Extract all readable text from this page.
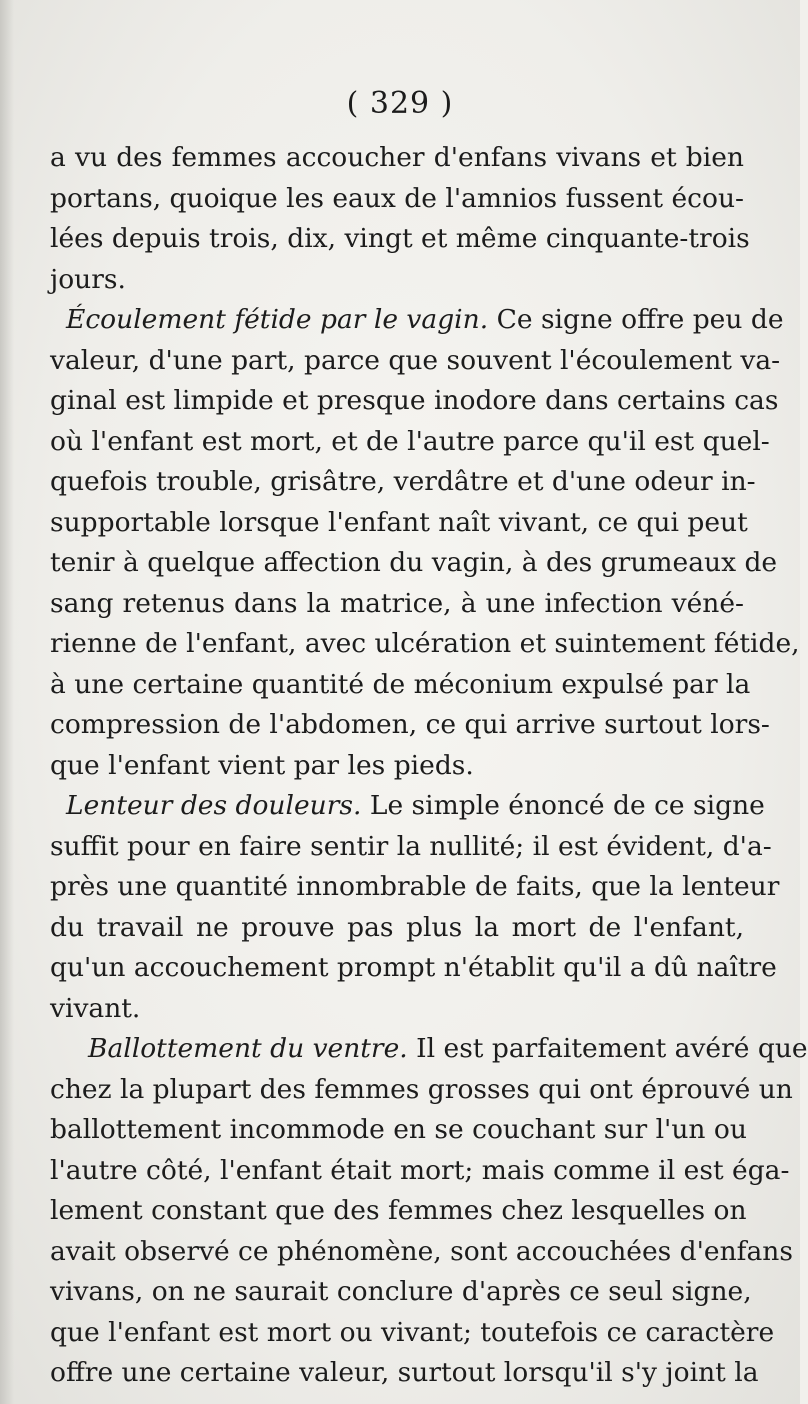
( 329 )
a vu des femmes accoucher d'enfans vivans et bien
portans, quoique les eaux de l'amnios fussent écou-
lées depuis trois, dix, vingt et même cinquante-trois
jours.
Écoulement fétide par le vagin. Ce signe offre peu de
valeur, d'une part, parce que souvent l'écoulement va-
ginal est limpide et presque inodore dans certains cas
où l'enfant est mort, et de l'autre parce qu'il est quel-
quefois trouble, grisâtre, verdâtre et d'une odeur in-
supportable lorsque l'enfant naît vivant, ce qui peut
tenir à quelque affection du vagin, à des grumeaux de
sang retenus dans la matrice, à une infection véné-
rienne de l'enfant, avec ulcération et suintement fétide,
à une certaine quantité de méconium expulsé par la
compression de l'abdomen, ce qui arrive surtout lors-
que l'enfant vient par les pieds.
Lenteur des douleurs. Le simple énoncé de ce signe
suffit pour en faire sentir la nullité; il est évident, d'a-
près une quantité innombrable de faits, que la lenteur
du travail ne prouve pas plus la mort de l'enfant,
qu'un accouchement prompt n'établit qu'il a dû naître
vivant.
Ballottement du ventre. Il est parfaitement avéré que
chez la plupart des femmes grosses qui ont éprouvé un
ballottement incommode en se couchant sur l'un ou
l'autre côté, l'enfant était mort; mais comme il est éga-
lement constant que des femmes chez lesquelles on
avait observé ce phénomène, sont accouchées d'enfans
vivans, on ne saurait conclure d'après ce seul signe,
que l'enfant est mort ou vivant; toutefois ce caractère
offre une certaine valeur, surtout lorsqu'il s'y joint la
